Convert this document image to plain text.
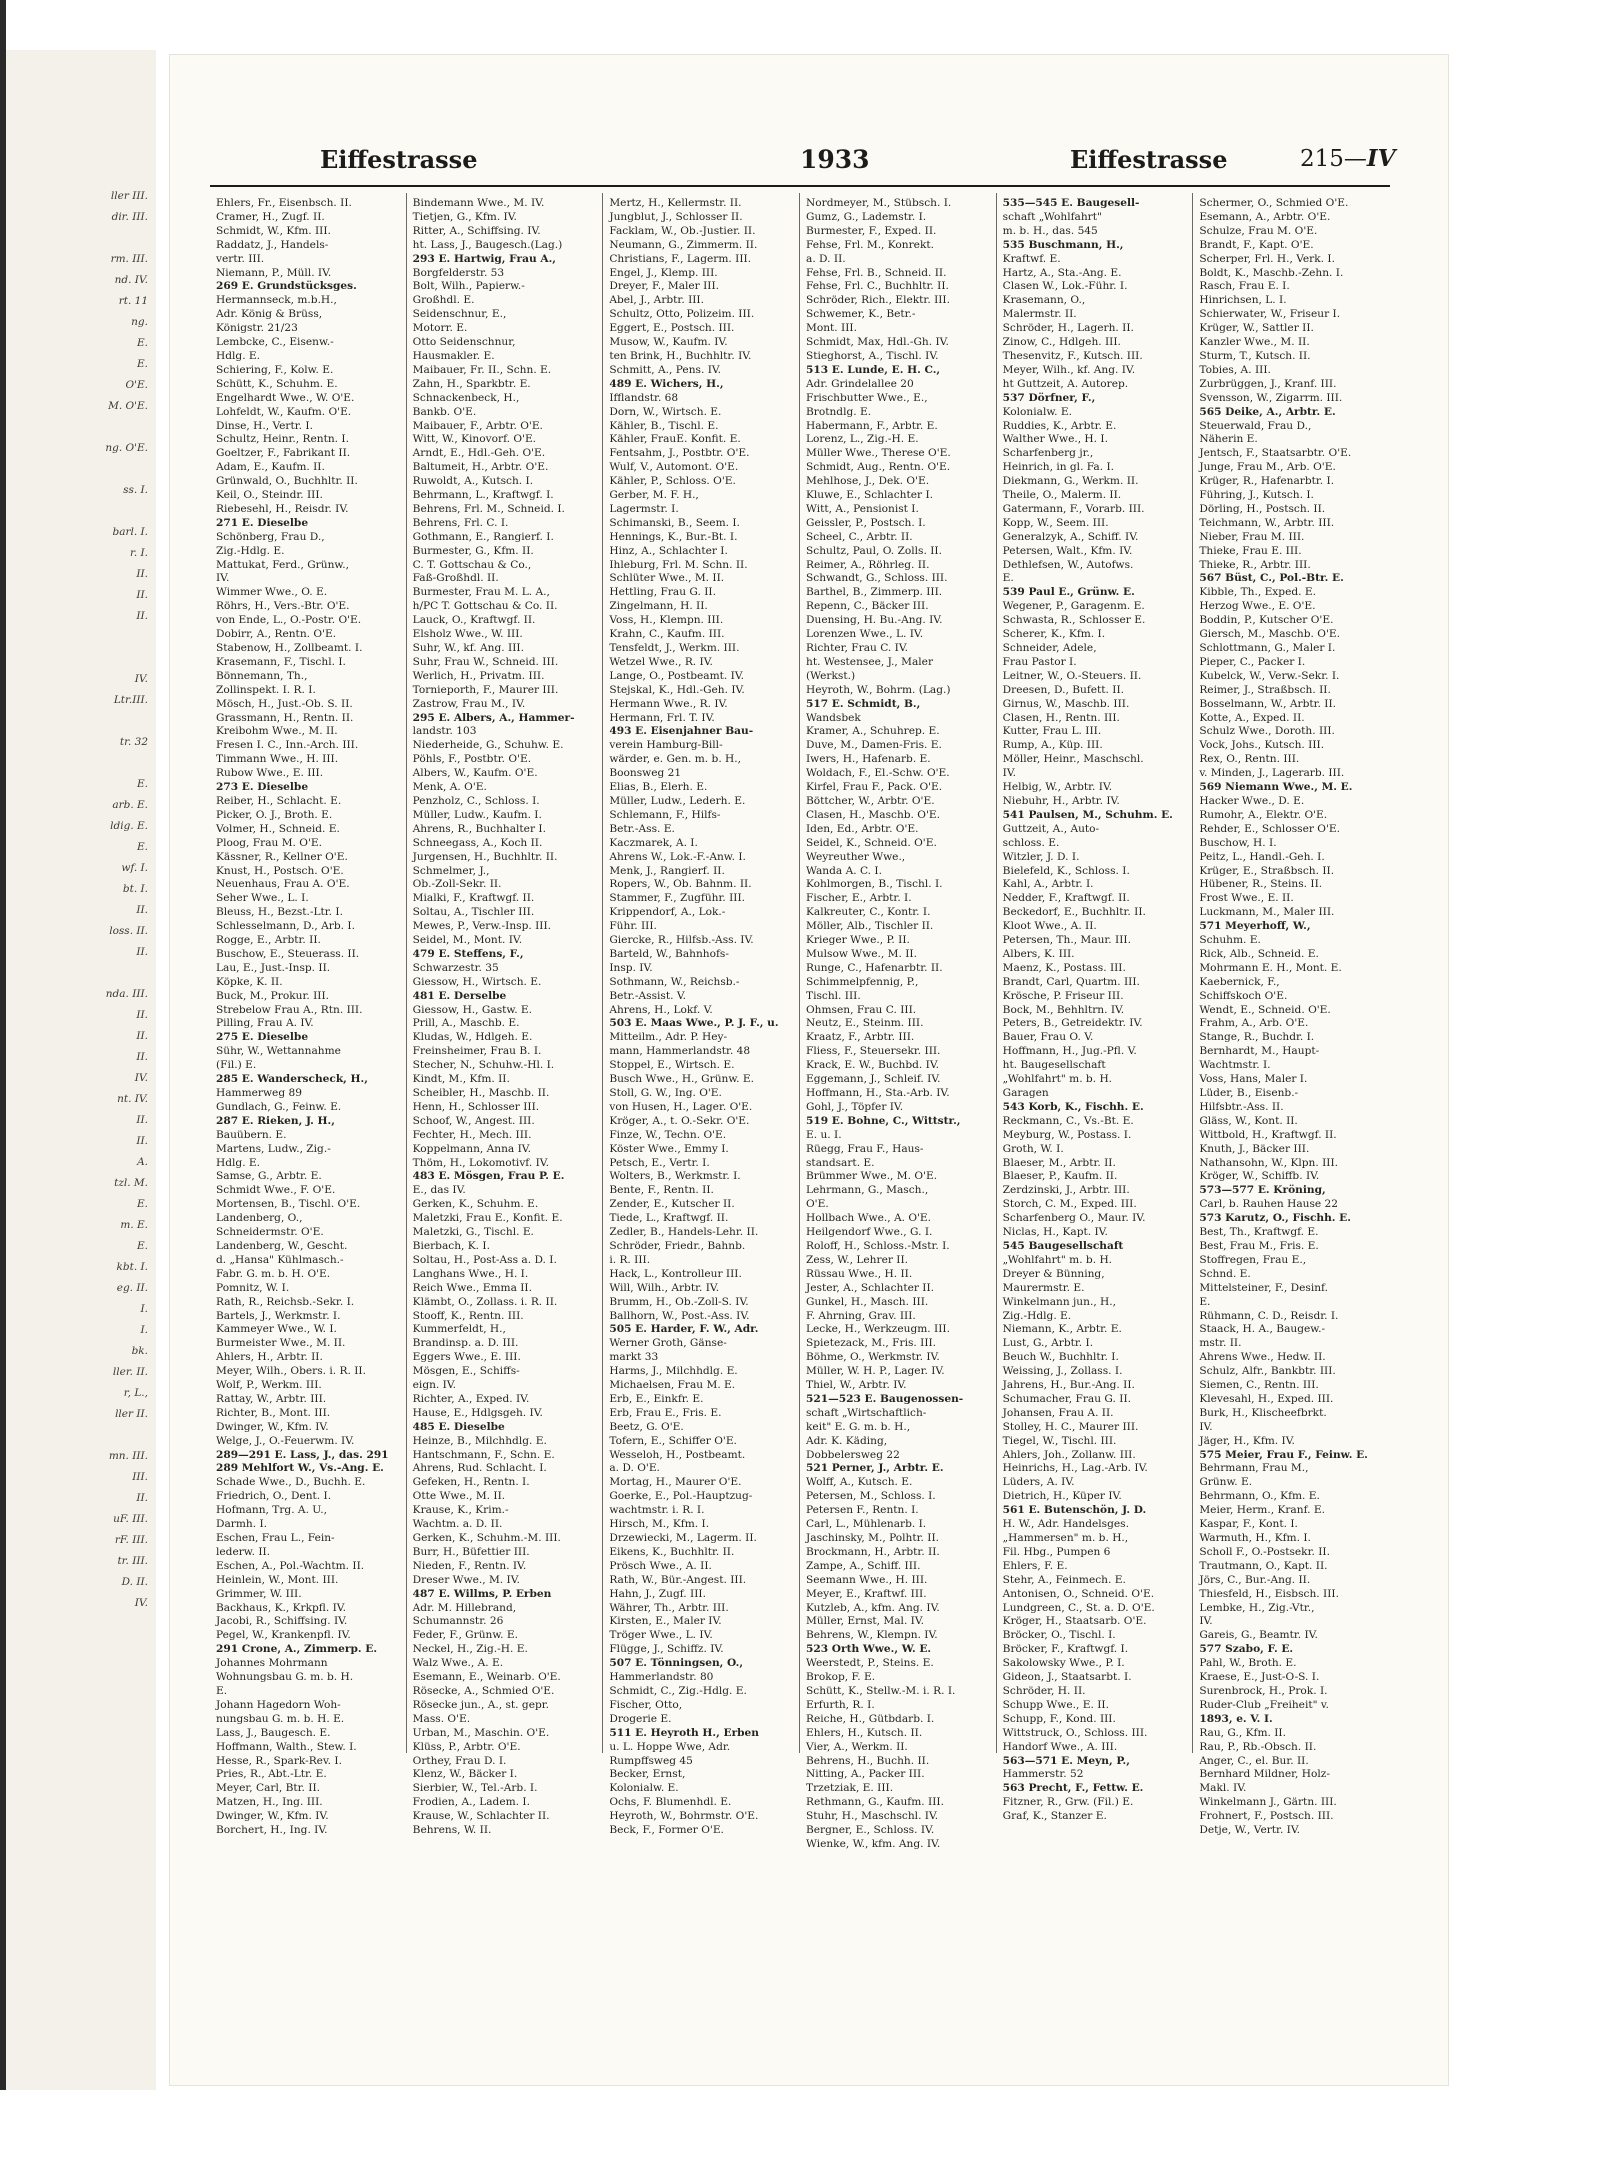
ller III.
dir. III.
rm. III.
nd. IV.
rt. 11
ng.
E.
E.
O'E.
M. O'E.
ng. O'E.
ss. I.
barl. I.
r. I.
II.
II.
II.
IV.
Ltr.III.
tr. 32
E.
arb. E.
ldig. E.
E.
wf. I.
bt. I.
II.
loss. II.
II.
nda. III.
II.
II.
II.
IV.
nt. IV.
II.
II.
A.
tzl. M.
E.
m. E.
E.
kbt. I.
eg. II.
I.
I.
bk.
ller. II.
r, L.,
ller II.
mn. III.
III.
II.
uF. III.
rF. III.
tr. III.
D. II.
IV.
Eiffestrasse	1933	Eiffestrasse	215—IV
Ehlers, Fr., Eisenbsch. II.
Cramer, H., Zugf. II.
Schmidt, W., Kfm. III.
Raddatz, J., Handels-
vertr. III.
Niemann, P., Müll. IV.
269 E. Grundstücksges.
Hermannseck, m.b.H.,
Adr. König & Brüss,
Königstr. 21/23
Lembcke, C., Eisenw.-
Hdlg. E.
Schiering, F., Kolw. E.
Schütt, K., Schuhm. E.
Engelhardt Wwe., W. O'E.
Lohfeldt, W., Kaufm. O'E.
Dinse, H., Vertr. I.
Schultz, Heinr., Rentn. I.
Goeltzer, F., Fabrikant II.
Adam, E., Kaufm. II.
Grünwald, O., Buchhltr. II.
Keil, O., Steindr. III.
Riebesehl, H., Reisdr. IV.
271 E. Dieselbe
Schönberg, Frau D.,
Zig.-Hdlg. E.
Mattukat, Ferd., Grünw.,
IV.
Wimmer Wwe., O. E.
Röhrs, H., Vers.-Btr. O'E.
von Ende, L., O.-Postr. O'E.
Dobirr, A., Rentn. O'E.
Stabenow, H., Zollbeamt. I.
Krasemann, F., Tischl. I.
Bönnemann, Th.,
Zollinspekt. I. R. I.
Mösch, H., Just.-Ob. S. II.
Grassmann, H., Rentn. II.
Kreibohm Wwe., M. II.
Fresen I. C., Inn.-Arch. III.
Timmann Wwe., H. III.
Rubow Wwe., E. III.
273 E. Dieselbe
Reiber, H., Schlacht. E.
Picker, O. J., Broth. E.
Volmer, H., Schneid. E.
Ploog, Frau M. O'E.
Kässner, R., Kellner O'E.
Knust, H., Postsch. O'E.
Neuenhaus, Frau A. O'E.
Seher Wwe., L. I.
Bleuss, H., Bezst.-Ltr. I.
Schlesselmann, D., Arb. I.
Rogge, E., Arbtr. II.
Buschow, E., Steuerass. II.
Lau, E., Just.-Insp. II.
Köpke, K. II.
Buck, M., Prokur. III.
Strebelow Frau A., Rtn. III.
Pilling, Frau A. IV.
275 E. Dieselbe
Sühr, W., Wettannahme
(Fil.) E.
285 E. Wanderscheck, H.,
Hammerweg 89
Gundlach, G., Feinw. E.
287 E. Rieken, J. H.,
Bauübern. E.
Martens, Ludw., Zig.-
Hdlg. E.
Samse, G., Arbtr. E.
Schmidt Wwe., F. O'E.
Mortensen, B., Tischl. O'E.
Landenberg, O.,
Schneidermstr. O'E.
Landenberg, W., Gescht.
d. „Hansa" Kühlmasch.-
Fabr. G. m. b. H. O'E.
Pomnitz, W. I.
Rath, R., Reichsb.-Sekr. I.
Bartels, J., Werkmstr. I.
Kammeyer Wwe., W. I.
Burmeister Wwe., M. II.
Ahlers, H., Arbtr. II.
Meyer, Wilh., Obers. i. R. II.
Wolf, P., Werkm. III.
Rattay, W., Arbtr. III.
Richter, B., Mont. III.
Dwinger, W., Kfm. IV.
Welge, J., O.-Feuerwm. IV.
289—291 E. Lass, J., das. 291
289 Mehlfort W., Vs.-Ang. E.
Schade Wwe., D., Buchh. E.
Friedrich, O., Dent. I.
Hofmann, Trg. A. U.,
Darmh. I.
Eschen, Frau L., Fein-
lederw. II.
Eschen, A., Pol.-Wachtm. II.
Heinlein, W., Mont. III.
Grimmer, W. III.
Backhaus, K., Krkpfl. IV.
Jacobi, R., Schiffsing. IV.
Pegel, W., Krankenpfl. IV.
291 Crone, A., Zimmerp. E.
Johannes Mohrmann
Wohnungsbau G. m. b. H.
E.
Johann Hagedorn Woh-
nungsbau G. m. b. H. E.
Lass, J., Baugesch. E.
Hoffmann, Walth., Stew. I.
Hesse, R., Spark-Rev. I.
Pries, R., Abt.-Ltr. E.
Meyer, Carl, Btr. II.
Matzen, H., Ing. III.
Dwinger, W., Kfm. IV.
Borchert, H., Ing. IV.
Bindemann Wwe., M. IV.
Tietjen, G., Kfm. IV.
Ritter, A., Schiffsing. IV.
ht. Lass, J., Baugesch.(Lag.)
293 E. Hartwig, Frau A.,
Borgfelderstr. 53
Bolt, Wilh., Papierw.-
Großhdl. E.
Seidenschnur, E.,
Motorr. E.
Otto Seidenschnur,
Hausmakler. E.
Maibauer, Fr. II., Schn. E.
Zahn, H., Sparkbtr. E.
Schnackenbeck, H.,
Bankb. O'E.
Maibauer, F., Arbtr. O'E.
Witt, W., Kinovorf. O'E.
Arndt, E., Hdl.-Geh. O'E.
Baltumeit, H., Arbtr. O'E.
Ruwoldt, A., Kutsch. I.
Behrmann, L., Kraftwgf. I.
Behrens, Frl. M., Schneid. I.
Behrens, Frl. C. I.
Gothmann, E., Rangierf. I.
Burmester, G., Kfm. II.
C. T. Gottschau & Co.,
Faß-Großhdl. II.
Burmester, Frau M. L. A.,
h/PC T. Gottschau & Co. II.
Lauck, O., Kraftwgf. II.
Elsholz Wwe., W. III.
Suhr, W., kf. Ang. III.
Suhr, Frau W., Schneid. III.
Werlich, H., Privatm. III.
Tornieporth, F., Maurer III.
Zastrow, Frau M., IV.
295 E. Albers, A., Hammer-
landstr. 103
Niederheide, G., Schuhw. E.
Pöhls, F., Postbtr. O'E.
Albers, W., Kaufm. O'E.
Menk, A. O'E.
Penzholz, C., Schloss. I.
Müller, Ludw., Kaufm. I.
Ahrens, R., Buchhalter I.
Schneegass, A., Koch II.
Jurgensen, H., Buchhltr. II.
Schmelmer, J.,
Ob.-Zoll-Sekr. II.
Mialki, F., Kraftwgf. II.
Soltau, A., Tischler III.
Mewes, P., Verw.-Insp. III.
Seidel, M., Mont. IV.
479 E. Steffens, F.,
Schwarzestr. 35
Giessow, H., Wirtsch. E.
481 E. Derselbe
Giessow, H., Gastw. E.
Prill, A., Maschb. E.
Kludas, W., Hdlgeh. E.
Freinsheimer, Frau B. I.
Stecher, N., Schuhw.-Hl. I.
Kindt, M., Kfm. II.
Scheibler, H., Maschb. II.
Henn, H., Schlosser III.
Schoof, W., Angest. III.
Fechter, H., Mech. III.
Koppelmann, Anna IV.
Thöm, H., Lokomotivf. IV.
483 E. Mösgen, Frau P. E.
E., das IV.
Gerken, K., Schuhm. E.
Maletzki, Frau E., Konfit. E.
Maletzki, G., Tischl. E.
Bierbach, K. I.
Soltau, H., Post-Ass a. D. I.
Langhans Wwe., H. I.
Reich Wwe., Emma II.
Klämbt, O., Zollass. i. R. II.
Stooff, K., Rentn. III.
Kummerfeldt, H.,
Brandinsp. a. D. III.
Eggers Wwe., E. III.
Mösgen, E., Schiffs-
eign. IV.
Richter, A., Exped. IV.
Hause, E., Hdlgsgeh. IV.
485 E. Dieselbe
Heinze, B., Milchhdlg. E.
Hantschmann, F., Schn. E.
Ahrens, Rud. Schlacht. I.
Gefeken, H., Rentn. I.
Otte Wwe., M. II.
Krause, K., Krim.-
Wachtm. a. D. II.
Gerken, K., Schuhm.-M. III.
Burr, H., Büfettier III.
Nieden, F., Rentn. IV.
Dreser Wwe., M. IV.
487 E. Willms, P. Erben
Adr. M. Hillebrand,
Schumannstr. 26
Feder, F., Grünw. E.
Neckel, H., Zig.-H. E.
Walz Wwe., A. E.
Esemann, E., Weinarb. O'E.
Rösecke, A., Schmied O'E.
Rösecke jun., A., st. gepr.
Mass. O'E.
Urban, M., Maschin. O'E.
Klüss, P., Arbtr. O'E.
Orthey, Frau D. I.
Klenz, W., Bäcker I.
Sierbier, W., Tel.-Arb. I.
Frodien, A., Ladem. I.
Krause, W., Schlachter II.
Behrens, W. II.
Mertz, H., Kellermstr. II.
Jungblut, J., Schlosser II.
Facklam, W., Ob.-Justier. II.
Neumann, G., Zimmerm. II.
Christians, F., Lagerm. III.
Engel, J., Klemp. III.
Dreyer, F., Maler III.
Abel, J., Arbtr. III.
Schultz, Otto, Polizeim. III.
Eggert, E., Postsch. III.
Musow, W., Kaufm. IV.
ten Brink, H., Buchhltr. IV.
Schmitt, A., Pens. IV.
489 E. Wichers, H.,
Ifflandstr. 68
Dorn, W., Wirtsch. E.
Kähler, B., Tischl. E.
Kähler, FrauE. Konfit. E.
Fentsahm, J., Postbtr. O'E.
Wulf, V., Automont. O'E.
Kähler, P., Schloss. O'E.
Gerber, M. F. H.,
Lagermstr. I.
Schimanski, B., Seem. I.
Hennings, K., Bur.-Bt. I.
Hinz, A., Schlachter I.
Ihleburg, Frl. M. Schn. II.
Schlüter Wwe., M. II.
Hettling, Frau G. II.
Zingelmann, H. II.
Voss, H., Klempn. III.
Krahn, C., Kaufm. III.
Tensfeldt, J., Werkm. III.
Wetzel Wwe., R. IV.
Lange, O., Postbeamt. IV.
Stejskal, K., Hdl.-Geh. IV.
Hermann Wwe., R. IV.
Hermann, Frl. T. IV.
493 E. Eisenjahner Bau-
verein Hamburg-Bill-
wärder, e. Gen. m. b. H.,
Boonsweg 21
Elias, B., Elerh. E.
Müller, Ludw., Lederh. E.
Schlemann, F., Hilfs-
Betr.-Ass. E.
Kaczmarek, A. I.
Ahrens W., Lok.-F.-Anw. I.
Menk, J., Rangierf. II.
Ropers, W., Ob. Bahnm. II.
Stammer, F., Zugführ. III.
Krippendorf, A., Lok.-
Führ. III.
Giercke, R., Hilfsb.-Ass. IV.
Barteld, W., Bahnhofs-
Insp. IV.
Sothmann, W., Reichsb.-
Betr.-Assist. V.
Ahrens, H., Lokf. V.
503 E. Maas Wwe., P. J. F., u.
Mitteilm., Adr. P. Hey-
mann, Hammerlandstr. 48
Stoppel, E., Wirtsch. E.
Busch Wwe., H., Grünw. E.
Stoll, G. W., Ing. O'E.
von Husen, H., Lager. O'E.
Kröger, A., t. O.-Sekr. O'E.
Finze, W., Techn. O'E.
Köster Wwe., Emmy I.
Petsch, E., Vertr. I.
Wolters, B., Werkmstr. I.
Bente, F., Rentn. II.
Zender, E., Kutscher II.
Tiede, L., Kraftwgf. II.
Zedler, B., Handels-Lehr. II.
Schröder, Friedr., Bahnb.
i. R. III.
Hack, L., Kontrolleur III.
Will, Wilh., Arbtr. IV.
Brumm, H., Ob.-Zoll-S. IV.
Ballhorn, W., Post.-Ass. IV.
505 E. Harder, F. W., Adr.
Werner Groth, Gänse-
markt 33
Harms, J., Milchhdlg. E.
Michaelsen, Frau M. E.
Erb, E., Einkfr. E.
Erb, Frau E., Fris. E.
Beetz, G. O'E.
Tofern, E., Schiffer O'E.
Wesseloh, H., Postbeamt.
a. D. O'E.
Mortag, H., Maurer O'E.
Goerke, E., Pol.-Hauptzug-
wachtmstr. i. R. I.
Hirsch, M., Kfm. I.
Drzewiecki, M., Lagerm. II.
Eikens, K., Buchhltr. II.
Prösch Wwe., A. II.
Rath, W., Bür.-Angest. III.
Hahn, J., Zugf. III.
Währer, Th., Arbtr. III.
Kirsten, E., Maler IV.
Tröger Wwe., L. IV.
Flügge, J., Schiffz. IV.
507 E. Tönningsen, O.,
Hammerlandstr. 80
Schmidt, C., Zig.-Hdlg. E.
Fischer, Otto,
Drogerie E.
511 E. Heyroth H., Erben
u. L. Hoppe Wwe, Adr.
Rumpffsweg 45
Becker, Ernst,
Kolonialw. E.
Ochs, F. Blumenhdl. E.
Heyroth, W., Bohrmstr. O'E.
Beck, F., Former O'E.
Nordmeyer, M., Stübsch. I.
Gumz, G., Lademstr. I.
Burmester, F., Exped. II.
Fehse, Frl. M., Konrekt.
a. D. II.
Fehse, Frl. B., Schneid. II.
Fehse, Frl. C., Buchhltr. II.
Schröder, Rich., Elektr. III.
Schwemer, K., Betr.-
Mont. III.
Schmidt, Max, Hdl.-Gh. IV.
Stieghorst, A., Tischl. IV.
513 E. Lunde, E. H. C.,
Adr. Grindelallee 20
Frischbutter Wwe., E.,
Brotndlg. E.
Habermann, F., Arbtr. E.
Lorenz, L., Zig.-H. E.
Müller Wwe., Therese O'E.
Schmidt, Aug., Rentn. O'E.
Mehlhose, J., Dek. O'E.
Kluwe, E., Schlachter I.
Witt, A., Pensionist I.
Geissler, P., Postsch. I.
Scheel, C., Arbtr. II.
Schultz, Paul, O. Zolls. II.
Reimer, A., Röhrleg. II.
Schwandt, G., Schloss. III.
Barthel, B., Zimmerp. III.
Repenn, C., Bäcker III.
Duensing, H. Bu.-Ang. IV.
Lorenzen Wwe., L. IV.
Richter, Frau C. IV.
ht. Westensee, J., Maler
(Werkst.)
Heyroth, W., Bohrm. (Lag.)
517 E. Schmidt, B.,
Wandsbek
Kramer, A., Schuhrep. E.
Duve, M., Damen-Fris. E.
Iwers, H., Hafenarb. E.
Woldach, F., El.-Schw. O'E.
Kirfel, Frau F., Pack. O'E.
Böttcher, W., Arbtr. O'E.
Clasen, H., Maschb. O'E.
Iden, Ed., Arbtr. O'E.
Seidel, K., Schneid. O'E.
Weyreuther Wwe.,
Wanda A. C. I.
Kohlmorgen, B., Tischl. I.
Fischer, E., Arbtr. I.
Kalkreuter, C., Kontr. I.
Möller, Alb., Tischler II.
Krieger Wwe., P. II.
Mulsow Wwe., M. II.
Runge, C., Hafenarbtr. II.
Schimmelpfennig, P.,
Tischl. III.
Ohmsen, Frau C. III.
Neutz, E., Steinm. III.
Kraatz, F., Arbtr. III.
Fliess, F., Steuersekr. III.
Krack, E. W., Buchbd. IV.
Eggemann, J., Schleif. IV.
Hoffmann, H., Sta.-Arb. IV.
Gohl, J., Töpfer IV.
519 E. Bohne, C., Wittstr.,
E. u. I.
Rüegg, Frau F., Haus-
standsart. E.
Brümmer Wwe., M. O'E.
Lehrmann, G., Masch.,
O'E.
Hollbach Wwe., A. O'E.
Heilgendorf Wwe., G. I.
Roloff, H., Schloss.-Mstr. I.
Zess, W., Lehrer II.
Rüssau Wwe., H. II.
Jester, A., Schlachter II.
Gunkel, H., Masch. III.
F. Ahrning, Grav. III.
Lecke, H., Werkzeugm. III.
Spietezack, M., Fris. III.
Böhme, O., Werkmstr. IV.
Müller, W. H. P., Lager. IV.
Thiel, W., Arbtr. IV.
521—523 E. Baugenossen-
schaft „Wirtschaftlich-
keit" E. G. m. b. H.,
Adr. K. Käding,
Dobbelersweg 22
521 Perner, J., Arbtr. E.
Wolff, A., Kutsch. E.
Petersen, M., Schloss. I.
Petersen F., Rentn. I.
Carl, L., Mühlenarb. I.
Jaschinsky, M., Polhtr. II.
Brockmann, H., Arbtr. II.
Zampe, A., Schiff. III.
Seemann Wwe., H. III.
Meyer, E., Kraftwf. III.
Kutzleb, A., kfm. Ang. IV.
Müller, Ernst, Mal. IV.
Behrens, W., Klempn. IV.
523 Orth Wwe., W. E.
Weerstedt, P., Steins. E.
Brokop, F. E.
Schütt, K., Stellw.-M. i. R. I.
Erfurth, R. I.
Reiche, H., Gütbdarb. I.
Ehlers, H., Kutsch. II.
Vier, A., Werkm. II.
Behrens, H., Buchh. II.
Nitting, A., Packer III.
Trzetziak, E. III.
Rethmann, G., Kaufm. III.
Stuhr, H., Maschschl. IV.
Bergner, E., Schloss. IV.
Wienke, W., kfm. Ang. IV.
535—545 E. Baugesell-
schaft „Wohlfahrt"
m. b. H., das. 545
535 Buschmann, H.,
Kraftwf. E.
Hartz, A., Sta.-Ang. E.
Clasen W., Lok.-Führ. I.
Krasemann, O.,
Malermstr. II.
Schröder, H., Lagerh. II.
Zinow, C., Hdlgeh. III.
Thesenvitz, F., Kutsch. III.
Meyer, Wilh., kf. Ang. IV.
ht Guttzeit, A. Autorep.
537 Dörfner, F.,
Kolonialw. E.
Ruddies, K., Arbtr. E.
Walther Wwe., H. I.
Scharfenberg jr.,
Heinrich, in gl. Fa. I.
Diekmann, G., Werkm. II.
Theile, O., Malerm. II.
Gatermann, F., Vorarb. III.
Kopp, W., Seem. III.
Generalzyk, A., Schiff. IV.
Petersen, Walt., Kfm. IV.
Dethlefsen, W., Autofws.
E.
539 Paul E., Grünw. E.
Wegener, P., Garagenm. E.
Schwasta, R., Schlosser E.
Scherer, K., Kfm. I.
Schneider, Adele,
Frau Pastor I.
Leitner, W., O.-Steuers. II.
Dreesen, D., Bufett. II.
Girnus, W., Maschb. III.
Clasen, H., Rentn. III.
Kutter, Frau L. III.
Rump, A., Küp. III.
Möller, Heinr., Maschschl.
IV.
Helbig, W., Arbtr. IV.
Niebuhr, H., Arbtr. IV.
541 Paulsen, M., Schuhm. E.
Guttzeit, A., Auto-
schloss. E.
Witzler, J. D. I.
Bielefeld, K., Schloss. I.
Kahl, A., Arbtr. I.
Nedder, F., Kraftwgf. II.
Beckedorf, E., Buchhltr. II.
Kloot Wwe., A. II.
Petersen, Th., Maur. III.
Albers, K. III.
Maenz, K., Postass. III.
Brandt, Carl, Quartm. III.
Krösche, P. Friseur III.
Bock, M., Behhltrn. IV.
Peters, B., Getreidektr. IV.
Bauer, Frau O. V.
Hoffmann, H., Jug.-Pfl. V.
ht. Baugesellschaft
„Wohlfahrt" m. b. H.
Garagen
543 Korb, K., Fischh. E.
Reckmann, C., Vs.-Bt. E.
Meyburg, W., Postass. I.
Groth, W. I.
Blaeser, M., Arbtr. II.
Blaeser, P., Kaufm. II.
Zerdzinski, J., Arbtr. III.
Storch, C. M., Exped. III.
Scharfenberg O., Maur. IV.
Niclas, H., Kapt. IV.
545 Baugesellschaft
„Wohlfahrt" m. b. H.
Dreyer & Bünning,
Maurermstr. E.
Winkelmann jun., H.,
Zig.-Hdlg. E.
Niemann, K., Arbtr. E.
Lust, G., Arbtr. I.
Beuch W., Buchhltr. I.
Weissing, J., Zollass. I.
Jahrens, H., Bur.-Ang. II.
Schumacher, Frau G. II.
Johansen, Frau A. II.
Stolley, H. C., Maurer III.
Tiegel, W., Tischl. III.
Ahlers, Joh., Zollanw. III.
Heinrichs, H., Lag.-Arb. IV.
Lüders, A. IV.
Dietrich, H., Küper IV.
561 E. Butenschön, J. D.
H. W., Adr. Handelsges.
„Hammersen" m. b. H.,
Fil. Hbg., Pumpen 6
Ehlers, F. E.
Stehr, A., Feinmech. E.
Antonisen, O., Schneid. O'E.
Lundgreen, C., St. a. D. O'E.
Kröger, H., Staatsarb. O'E.
Bröcker, O., Tischl. I.
Bröcker, F., Kraftwgf. I.
Sakolowsky Wwe., P. I.
Gideon, J., Staatsarbt. I.
Schröder, H. II.
Schupp Wwe., E. II.
Schupp, F., Kond. III.
Wittstruck, O., Schloss. III.
Handorf Wwe., A. III.
563—571 E. Meyn, P.,
Hammerstr. 52
563 Precht, F., Fettw. E.
Fitzner, R., Grw. (Fil.) E.
Graf, K., Stanzer E.
Schermer, O., Schmied O'E.
Esemann, A., Arbtr. O'E.
Schulze, Frau M. O'E.
Brandt, F., Kapt. O'E.
Scherper, Frl. H., Verk. I.
Boldt, K., Maschb.-Zehn. I.
Rasch, Frau E. I.
Hinrichsen, L. I.
Schierwater, W., Friseur I.
Krüger, W., Sattler II.
Kanzler Wwe., M. II.
Sturm, T., Kutsch. II.
Tobies, A. III.
Zurbrüggen, J., Kranf. III.
Svensson, W., Zigarrm. III.
565 Deike, A., Arbtr. E.
Steuerwald, Frau D.,
Näherin E.
Jentsch, F., Staatsarbtr. O'E.
Junge, Frau M., Arb. O'E.
Krüger, R., Hafenarbtr. I.
Führing, J., Kutsch. I.
Dörling, H., Postsch. II.
Teichmann, W., Arbtr. III.
Nieber, Frau M. III.
Thieke, Frau E. III.
Thieke, R., Arbtr. III.
567 Büst, C., Pol.-Btr. E.
Kibble, Th., Exped. E.
Herzog Wwe., E. O'E.
Boddin, P., Kutscher O'E.
Giersch, M., Maschb. O'E.
Schlottmann, G., Maler I.
Pieper, C., Packer I.
Kubelck, W., Verw.-Sekr. I.
Reimer, J., Straßbsch. II.
Bosselmann, W., Arbtr. II.
Kotte, A., Exped. II.
Schulz Wwe., Doroth. III.
Vock, Johs., Kutsch. III.
Rex, O., Rentn. III.
v. Minden, J., Lagerarb. III.
569 Niemann Wwe., M. E.
Hacker Wwe., D. E.
Rumohr, A., Elektr. O'E.
Rehder, E., Schlosser O'E.
Buschow, H. I.
Peitz, L., Handl.-Geh. I.
Krüger, E., Straßbsch. II.
Hübener, R., Steins. II.
Frost Wwe., E. II.
Luckmann, M., Maler III.
571 Meyerhoff, W.,
Schuhm. E.
Rick, Alb., Schneid. E.
Mohrmann E. H., Mont. E.
Kaebernick, F.,
Schiffskoch O'E.
Wendt, E., Schneid. O'E.
Frahm, A., Arb. O'E.
Stange, R., Buchdr. I.
Bernhardt, M., Haupt-
Wachtmstr. I.
Voss, Hans, Maler I.
Lüder, B., Eisenb.-
Hilfsbtr.-Ass. II.
Gläss, W., Kont. II.
Wittbold, H., Kraftwgf. II.
Knuth, J., Bäcker III.
Nathansohn, W., Klpn. III.
Kröger, W., Schiffb. IV.
573—577 E. Kröning,
Carl, b. Rauhen Hause 22
573 Karutz, O., Fischh. E.
Best, Th., Kraftwgf. E.
Best, Frau M., Fris. E.
Stoffregen, Frau E.,
Schnd. E.
Mittelsteiner, F., Desinf.
E.
Rühmann, C. D., Reisdr. I.
Staack, H. A., Baugew.-
mstr. II.
Ahrens Wwe., Hedw. II.
Schulz, Alfr., Bankbtr. III.
Siemen, C., Rentn. III.
Klevesahl, H., Exped. III.
Burk, H., Klischeefbrkt.
IV.
Jäger, H., Kfm. IV.
575 Meier, Frau F., Feinw. E.
Behrmann, Frau M.,
Grünw. E.
Behrmann, O., Kfm. E.
Meier, Herm., Kranf. E.
Kaspar, F., Kont. I.
Warmuth, H., Kfm. I.
Scholl F., O.-Postsekr. II.
Trautmann, O., Kapt. II.
Jörs, C., Bur.-Ang. II.
Thiesfeld, H., Eisbsch. III.
Lembke, H., Zig.-Vtr.,
IV.
Gareis, G., Beamtr. IV.
577 Szabo, F. E.
Pahl, W., Broth. E.
Kraese, E., Just-O-S. I.
Surenbrock, H., Prok. I.
Ruder-Club „Freiheit" v.
1893, e. V. I.
Rau, G., Kfm. II.
Rau, P., Rb.-Obsch. II.
Anger, C., el. Bur. II.
Bernhard Mildner, Holz-
Makl. IV.
Winkelmann J., Gärtn. III.
Frohnert, F., Postsch. III.
Detje, W., Vertr. IV.
